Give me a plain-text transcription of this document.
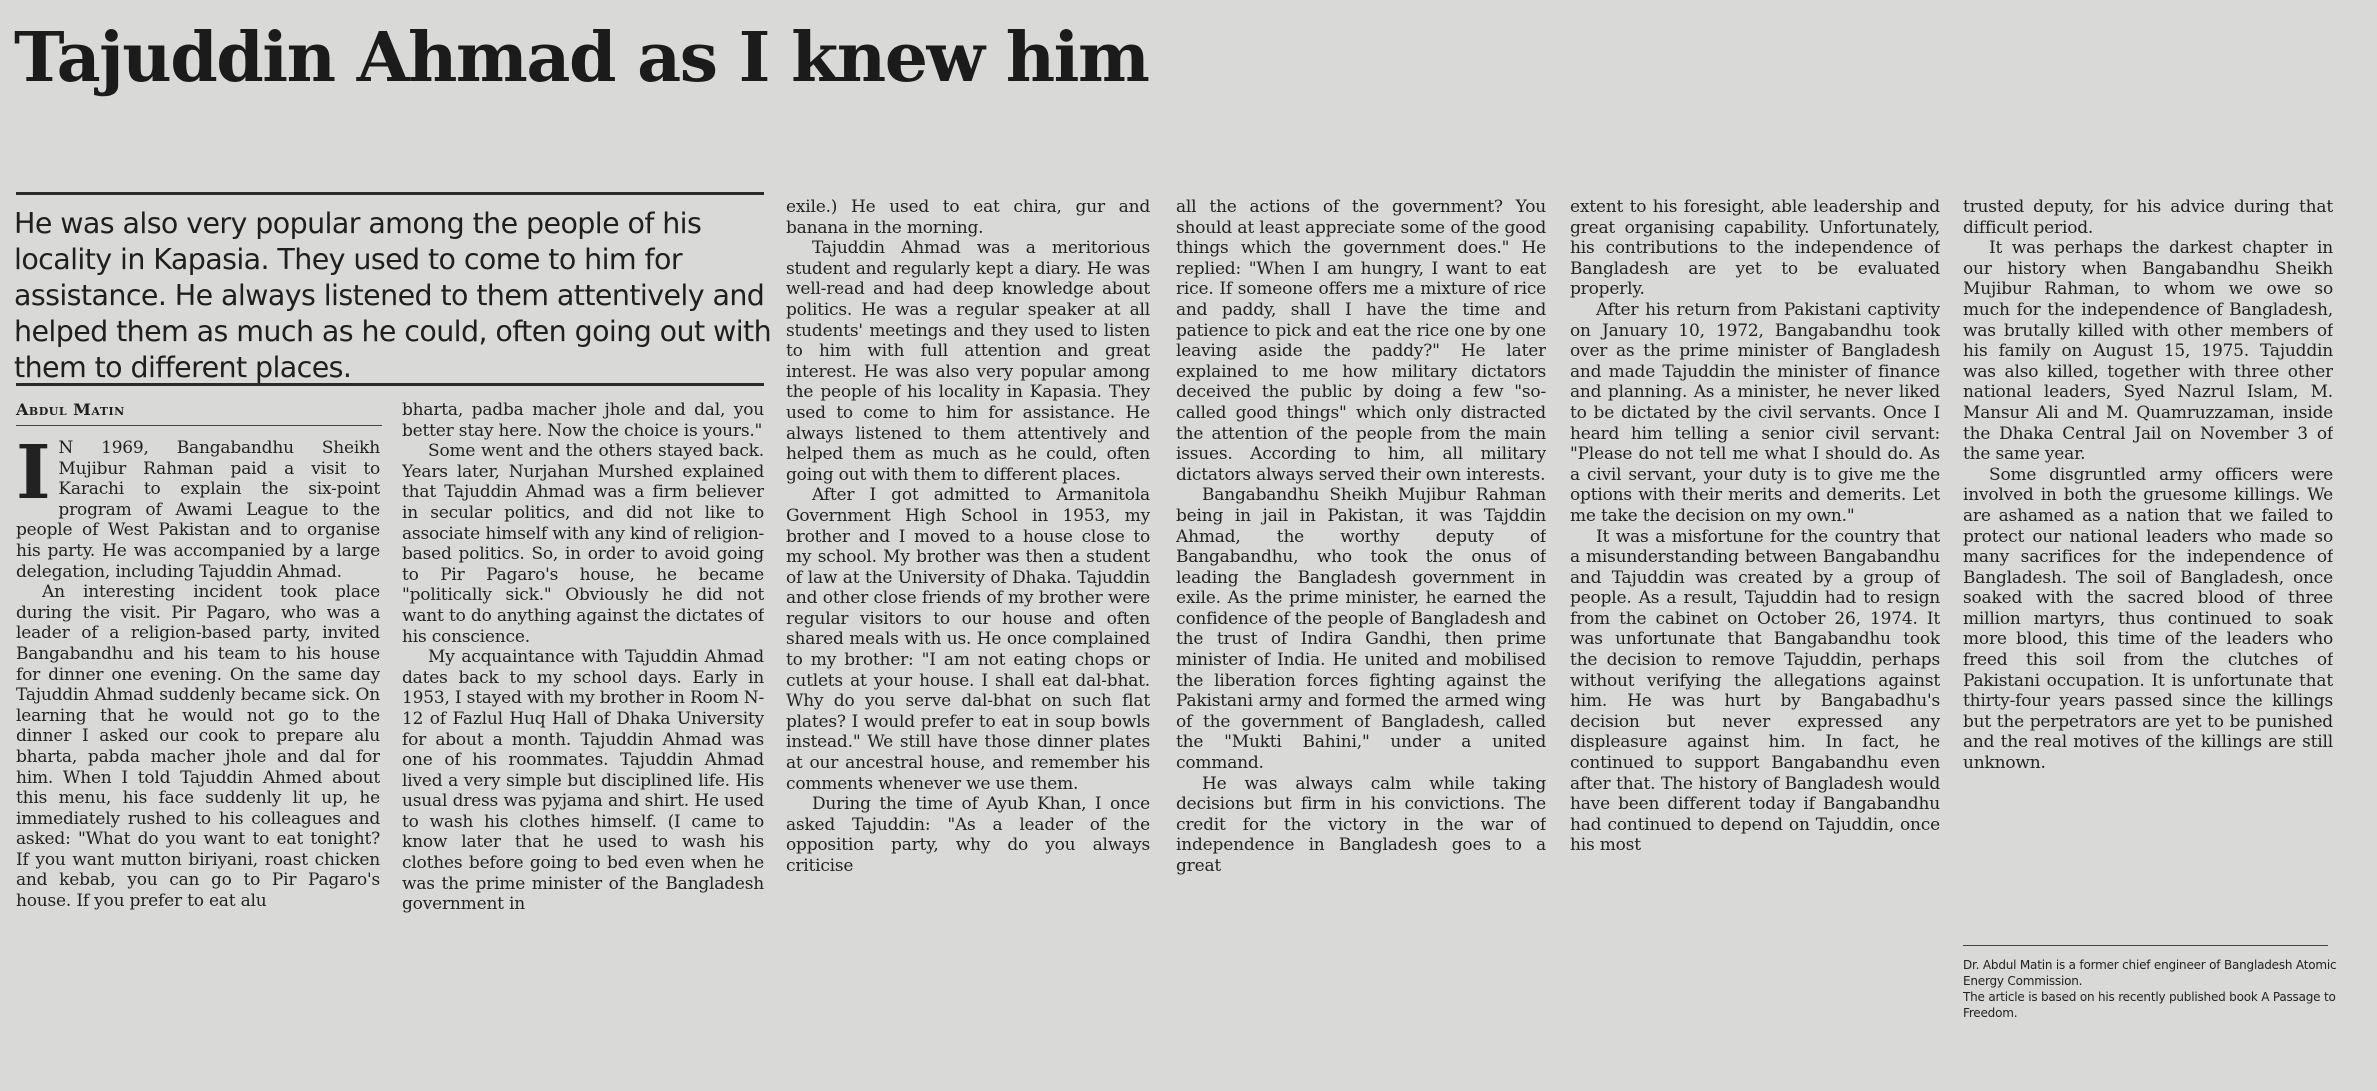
Tajuddin Ahmad as I knew him

He was also very popular among the people of his locality in Kapasia. They used to come to him for assistance. He always listened to them attentively and helped them as much as he could, often going out with them to different places.

Abdul Matin
I N 1969, Bangabandhu Sheikh Mujibur Rahman paid a visit to Karachi to explain the six-point program of Awami League to the people of West Pakistan and to organise his party. He was accompanied by a large delegation, including Tajuddin Ahmad.

An interesting incident took place during the visit. Pir Pagaro, who was a leader of a religion-based party, invited Bangabandhu and his team to his house for dinner one evening. On the same day Tajuddin Ahmad suddenly became sick. On learning that he would not go to the dinner I asked our cook to prepare alu bharta, pabda macher jhole and dal for him. When I told Tajuddin Ahmed about this menu, his face suddenly lit up, he immediately rushed to his colleagues and asked: "What do you want to eat tonight? If you want mutton biriyani, roast chicken and kebab, you can go to Pir Pagaro's house. If you prefer to eat alu

bharta, padba macher jhole and dal, you better stay here. Now the choice is yours."

Some went and the others stayed back. Years later, Nurjahan Murshed explained that Tajuddin Ahmad was a firm believer in secular politics, and did not like to associate himself with any kind of religion-based politics. So, in order to avoid going to Pir Pagaro's house, he became "politically sick." Obviously he did not want to do anything against the dictates of his conscience.

My acquaintance with Tajuddin Ahmad dates back to my school days. Early in 1953, I stayed with my brother in Room N-12 of Fazlul Huq Hall of Dhaka University for about a month. Tajuddin Ahmad was one of his roommates. Tajuddin Ahmad lived a very simple but disciplined life. His usual dress was pyjama and shirt. He used to wash his clothes himself. (I came to know later that he used to wash his clothes before going to bed even when he was the prime minister of the Bangladesh government in

exile.) He used to eat chira, gur and banana in the morning.

Tajuddin Ahmad was a meritorious student and regularly kept a diary. He was well-read and had deep knowledge about politics. He was a regular speaker at all students' meetings and they used to listen to him with full attention and great interest. He was also very popular among the people of his locality in Kapasia. They used to come to him for assistance. He always listened to them attentively and helped them as much as he could, often going out with them to different places.

After I got admitted to Armanitola Government High School in 1953, my brother and I moved to a house close to my school. My brother was then a student of law at the University of Dhaka. Tajuddin and other close friends of my brother were regular visitors to our house and often shared meals with us. He once complained to my brother: "I am not eating chops or cutlets at your house. I shall eat dal-bhat. Why do you serve dal-bhat on such flat plates? I would prefer to eat in soup bowls instead." We still have those dinner plates at our ancestral house, and remember his comments whenever we use them.

During the time of Ayub Khan, I once asked Tajuddin: "As a leader of the opposition party, why do you always criticise

all the actions of the government? You should at least appreciate some of the good things which the government does." He replied: "When I am hungry, I want to eat rice. If someone offers me a mixture of rice and paddy, shall I have the time and patience to pick and eat the rice one by one leaving aside the paddy?" He later explained to me how military dictators deceived the public by doing a few "so-called good things" which only distracted the attention of the people from the main issues. According to him, all military dictators always served their own interests.

Bangabandhu Sheikh Mujibur Rahman being in jail in Pakistan, it was Tajddin Ahmad, the worthy deputy of Bangabandhu, who took the onus of leading the Bangladesh government in exile. As the prime minister, he earned the confidence of the people of Bangladesh and the trust of Indira Gandhi, then prime minister of India. He united and mobilised the liberation forces fighting against the Pakistani army and formed the armed wing of the government of Bangladesh, called the "Mukti Bahini," under a united command.

He was always calm while taking decisions but firm in his convictions. The credit for the victory in the war of independence in Bangladesh goes to a great

extent to his foresight, able leadership and great organising capability. Unfortunately, his contributions to the independence of Bangladesh are yet to be evaluated properly.

After his return from Pakistani captivity on January 10, 1972, Bangabandhu took over as the prime minister of Bangladesh and made Tajuddin the minister of finance and planning. As a minister, he never liked to be dictated by the civil servants. Once I heard him telling a senior civil servant: "Please do not tell me what I should do. As a civil servant, your duty is to give me the options with their merits and demerits. Let me take the decision on my own."

It was a misfortune for the country that a misunderstanding between Bangabandhu and Tajuddin was created by a group of people. As a result, Tajuddin had to resign from the cabinet on October 26, 1974. It was unfortunate that Bangabandhu took the decision to remove Tajuddin, perhaps without verifying the allegations against him. He was hurt by Bangabadhu's decision but never expressed any displeasure against him. In fact, he continued to support Bangabandhu even after that. The history of Bangladesh would have been different today if Bangabandhu had continued to depend on Tajuddin, once his most

trusted deputy, for his advice during that difficult period.

It was perhaps the darkest chapter in our history when Bangabandhu Sheikh Mujibur Rahman, to whom we owe so much for the independence of Bangladesh, was brutally killed with other members of his family on August 15, 1975. Tajuddin was also killed, together with three other national leaders, Syed Nazrul Islam, M. Mansur Ali and M. Quamruzzaman, inside the Dhaka Central Jail on November 3 of the same year.

Some disgruntled army officers were involved in both the gruesome killings. We are ashamed as a nation that we failed to protect our national leaders who made so many sacrifices for the independence of Bangladesh. The soil of Bangladesh, once soaked with the sacred blood of three million martyrs, thus continued to soak more blood, this time of the leaders who freed this soil from the clutches of Pakistani occupation. It is unfortunate that thirty-four years passed since the killings but the perpetrators are yet to be punished and the real motives of the killings are still unknown.

Dr. Abdul Matin is a former chief engineer of Bangladesh Atomic Energy Commission.

The article is based on his recently published book A Passage to Freedom.
